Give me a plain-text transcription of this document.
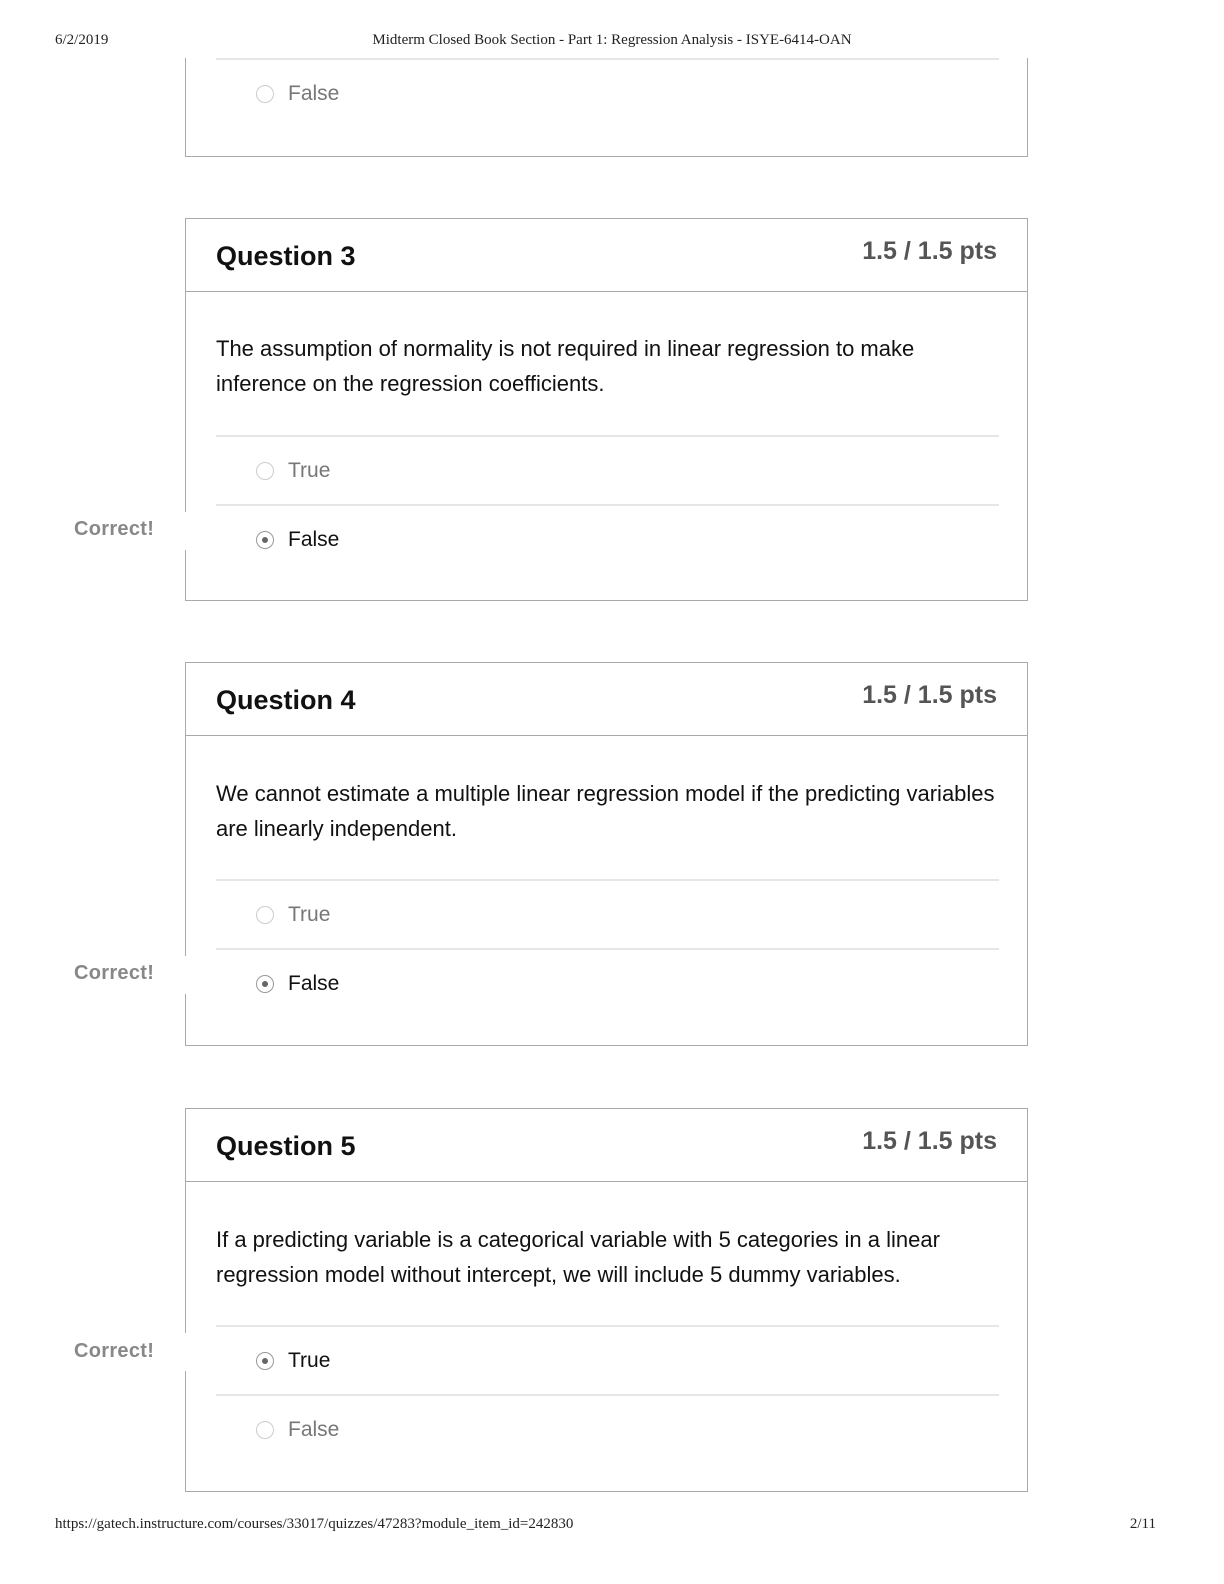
6/2/2019	Midterm Closed Book Section - Part 1: Regression Analysis - ISYE-6414-OAN
False
Question 3	1.5 / 1.5 pts
The assumption of normality is not required in linear regression to make inference on the regression coefficients.
True
False
Correct!
Question 4	1.5 / 1.5 pts
We cannot estimate a multiple linear regression model if the predicting variables are linearly independent.
True
False
Correct!
Question 5	1.5 / 1.5 pts
If a predicting variable is a categorical variable with 5 categories in a linear regression model without intercept, we will include 5 dummy variables.
True
False
Correct!
https://gatech.instructure.com/courses/33017/quizzes/47283?module_item_id=242830	2/11
